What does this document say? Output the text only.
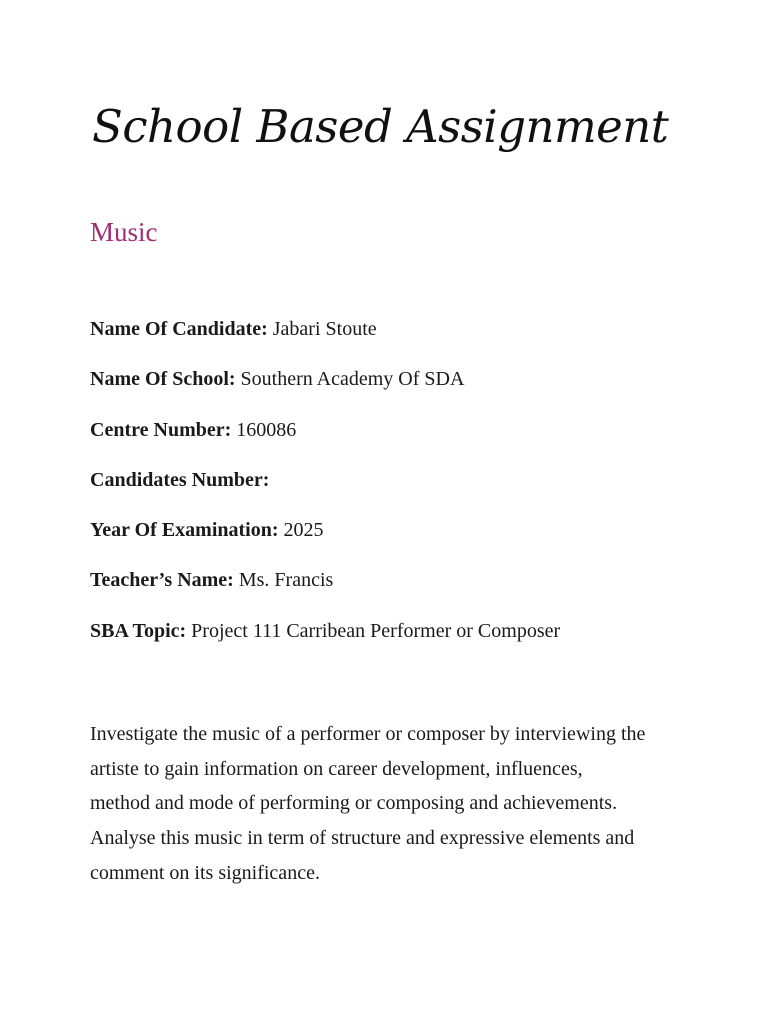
School Based Assignment
Music
Name Of Candidate: Jabari Stoute
Name Of School: Southern Academy Of SDA
Centre Number: 160086
Candidates Number:
Year Of Examination: 2025
Teacher’s Name: Ms. Francis
SBA Topic: Project 111 Carribean Performer or Composer

Investigate the music of a performer or composer by interviewing the
artiste to gain information on career development, influences,
method and mode of performing or composing and achievements.
Analyse this music in term of structure and expressive elements and
comment on its significance.
